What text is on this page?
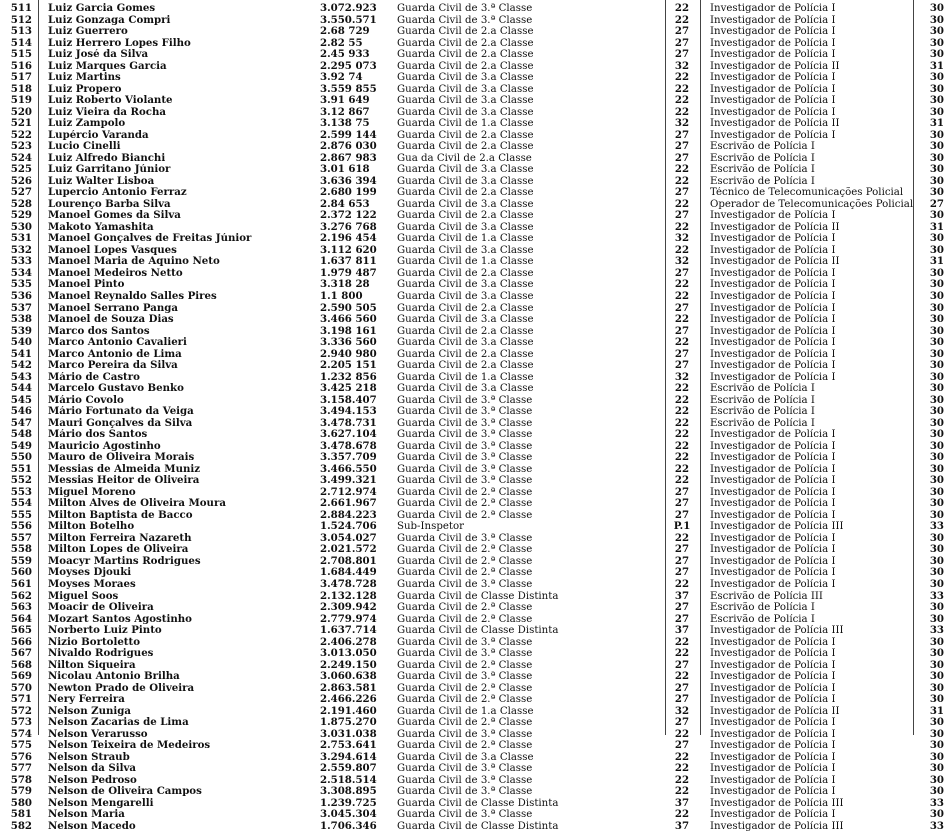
511 Luiz Garcia Gomes	3.072.923	Guarda Civil de 3.ª Classe	22	Investigador de Polícia I	30
512 Luiz Gonzaga Compri	3.550.571	Guarda Civil de 3.ª Classe	22	Investigador de Polícia I	30
513 Luiz Guerrero	2.68 729	Guarda Civil de 2.a Classe	27	Investigador de Polícia I	30
514 Luiz Herrero Lopes Filho	2.82 55	Guarda Civil de 2.a Classe	27	Investigador de Polícia I	30
515 Luiz José da Silva	2.45 933	Guarda Civil de 2.a Classe	27	Investigador de Polícia I	30
516 Luiz Marques Garcia	2.295 073	Guarda Civil de 2.a Classe	32	Investigador de Polícia II	31
517 Luiz Martins	3.92 74	Guarda Civil de 3.a Classe	22	Investigador de Polícia I	30
518 Luiz Propero	3.559 855	Guarda Civil de 3.a Classe	22	Investigador de Polícia I	30
519 Luiz Roberto Violante	3.91 649	Guarda Civil de 3.a Classe	22	Investigador de Polícia I	30
520 Luiz Vieira da Rocha	3.12 867	Guarda Civil de 3.a Classe	22	Investigador de Polícia I	30
521 Luiz Zampolo	3.138 75	Guarda Civil de 1.a Classe	32	Investigador de Polícia II	31
522 Lupércio Varanda	2.599 144	Guarda Civil de 2.a Classe	27	Investigador de Polícia I	30
523 Lucio Cinelli	2.876 030	Guarda Civil de 2.a Classe	27	Escrivão de Polícia I	30
524 Luiz Alfredo Bianchi	2.867 983	Gua da Civil de 2.a Classe	27	Escrivão de Polícia I	30
525 Luiz Garritano Júnior	3.01 618	Guarda Civil de 3.a Classe	22	Escrivão de Polícia I	30
526 Luiz Walter Lisboa	3.636 394	Guarda Civil de 3.a Classe	22	Escrivão de Polícia I	30
527 Lupercio Antonio Ferraz	2.680 199	Guarda Civil de 2.a Classe	27	Técnico de Telecomunicações Policial	30
528 Lourenço Barba Silva	2.84 653	Guarda Civil de 3.a Classe	22	Operador de Telecomunicações Policial	27
529 Manoel Gomes da Silva	2.372 122	Guarda Civil de 2.a Classe	27	Investigador de Polícia I	30
530 Makoto Yamashita	3.276 768	Guarda Civil de 3.a Classe	22	Investigador de Polícia II	31
531 Manoel Gonçalves de Freitas Júnior	2.196 454	Guarda Civil de 1.a Classe	32	Investigador de Polícia I	30
532 Manoel Lopes Vasques	3.112 620	Guarda Civil de 3.a Classe	22	Investigador de Polícia I	30
533 Manoel Maria de Aquino Neto	1.637 811	Guarda Civil de 1.a Classe	32	Investigador de Polícia II	31
534 Manoel Medeiros Netto	1.979 487	Guarda Civil de 2.a Classe	27	Investigador de Polícia I	30
535 Manoel Pinto	3.318 28	Guarda Civil de 3.a Classe	22	Investigador de Polícia I	30
536 Manoel Reynaldo Salles Pires	1.1 800	Guarda Civil de 3.a Classe	22	Investigador de Polícia I	30
537 Manoel Serrano Panga	2.590 505	Guarda Civil de 2.a Classe	27	Investigador de Polícia I	30
538 Manoel de Souza Dias	3.466 560	Guarda Civil de 3.a Classe	22	Investigador de Polícia I	30
539 Marco dos Santos	3.198 161	Guarda Civil de 2.a Classe	27	Investigador de Polícia I	30
540 Marco Antonio Cavalieri	3.336 560	Guarda Civil de 3.a Classe	22	Investigador de Polícia I	30
541 Marco Antonio de Lima	2.940 980	Guarda Civil de 2.a Classe	27	Investigador de Polícia I	30
542 Marco Pereira da Silva	2.205 151	Guarda Civil de 2.a Classe	27	Investigador de Polícia I	30
543 Mário de Castro	1.232 856	Guarda Civil de 1.a Classe	32	Investigador de Polícia I	30
544 Marcelo Gustavo Benko	3.425 218	Guarda Civil de 3.a Classe	22	Escrivão de Polícia I	30
545 Mário Covolo	3.158.407	Guarda Civil de 3.ª Classe	22	Escrivão de Polícia I	30
546 Mário Fortunato da Veiga	3.494.153	Guarda Civil de 3.ª Classe	22	Escrivão de Polícia I	30
547 Mauri Gonçalves da Silva	3.478.731	Guarda Civil de 3.ª Classe	22	Escrivão de Polícia I	30
548 Mário dos Santos	3.627.104	Guarda Civil de 3.ª Classe	22	Investigador de Polícia I	30
549 Mauricio Agostinho	3.478.678	Guarda Civil de 3.ª Classe	22	Investigador de Polícia I	30
550 Mauro de Oliveira Morais	3.357.709	Guarda Civil de 3.ª Classe	22	Investigador de Polícia I	30
551 Messias de Almeida Muniz	3.466.550	Guarda Civil de 3.ª Classe	22	Investigador de Polícia I	30
552 Messias Heitor de Oliveira	3.499.321	Guarda Civil de 3.ª Classe	22	Investigador de Polícia I	30
553 Miguel Moreno	2.712.974	Guarda Civil de 2.ª Classe	27	Investigador de Polícia I	30
554 Milton Alves de Oliveira Moura	2.661.967	Guarda Civil de 2.ª Classe	27	Investigador de Polícia I	30
555 Milton Baptista de Bacco	2.884.223	Guarda Civil de 2.ª Classe	27	Investigador de Polícia I	30
556 Milton Botelho	1.524.706	Sub-Inspetor	P.1	Investigador de Polícia III	33
557 Milton Ferreira Nazareth	3.054.027	Guarda Civil de 3.ª Classe	22	Investigador de Polícia I	30
558 Milton Lopes de Oliveira	2.021.572	Guarda Civil de 2.ª Classe	27	Investigador de Polícia I	30
559 Moacyr Martins Rodrigues	2.708.801	Guarda Civil de 2.ª Classe	27	Investigador de Polícia I	30
560 Moyses Djouki	1.684.449	Guarda Civil de 2.ª Classe	27	Investigador de Polícia I	30
561 Moyses Moraes	3.478.728	Guarda Civil de 3.ª Classe	22	Investigador de Polícia I	30
562 Miguel Soos	2.132.128	Guarda Civil de Classe Distinta	37	Escrivão de Polícia III	33
563 Moacir de Oliveira	2.309.942	Guarda Civil de 2.ª Classe	27	Escrivão de Polícia I	30
564 Mozart Santos Agostinho	2.779.974	Guarda Civil de 2.ª Classe	27	Escrivão de Polícia I	30
565 Norberto Luiz Pinto	1.637.714	Guarda Civil de Classe Distinta	37	Investigador de Polícia III	33
566 Nizio Bortoletto	2.406.278	Guarda Civil de 3.ª Classe	22	Investigador de Polícia I	30
567 Nivaldo Rodrigues	3.013.050	Guarda Civil de 3.ª Classe	22	Investigador de Polícia I	30
568 Nilton Siqueira	2.249.150	Guarda Civil de 2.ª Classe	27	Investigador de Polícia I	30
569 Nicolau Antonio Brilha	3.060.638	Guarda Civil de 3.ª Classe	22	Investigador de Polícia I	30
570 Newton Prado de Oliveira	2.863.581	Guarda Civil de 2.ª Classe	27	Investigador de Polícia I	30
571 Nery Ferreira	2.466.226	Guarda Civil de 2.ª Classe	27	Investigador de Polícia I	30
572 Nelson Zuniga	2.191.460	Guarda Civil de 1.a Classe	32	Investigador de Polícia II	31
573 Nelson Zacarias de Lima	1.875.270	Guarda Civil de 2.ª Classe	27	Investigador de Polícia I	30
574 Nelson Verarusso	3.031.038	Guarda Civil de 3.ª Classe	22	Investigador de Polícia I	30
575 Nelson Teixeira de Medeiros	2.753.641	Guarda Civil de 2.ª Classe	27	Investigador de Polícia I	30
576 Nelson Straub	3.294.614	Guarda Civil de 3.a Classe	22	Investigador de Polícia I	30
577 Nelson da Silva	2.559.807	Guarda Civil de 3.ª Classe	22	Investigador de Polícia I	30
578 Nelson Pedroso	2.518.514	Guarda Civil de 3.ª Classe	22	Investigador de Polícia I	30
579 Nelson de Oliveira Campos	3.308.895	Guarda Civil de 3.ª Classe	22	Investigador de Polícia I	30
580 Nelson Mengarelli	1.239.725	Guarda Civil de Classe Distinta	37	Investigador de Polícia III	33
581 Nelson Maria	3.045.304	Guarda Civil de 3.ª Classe	22	Investigador de Polícia I	30
582 Nelson Macedo	1.706.346	Guarda Civil de Classe Distinta	37	Investigador de Polícia III	33
